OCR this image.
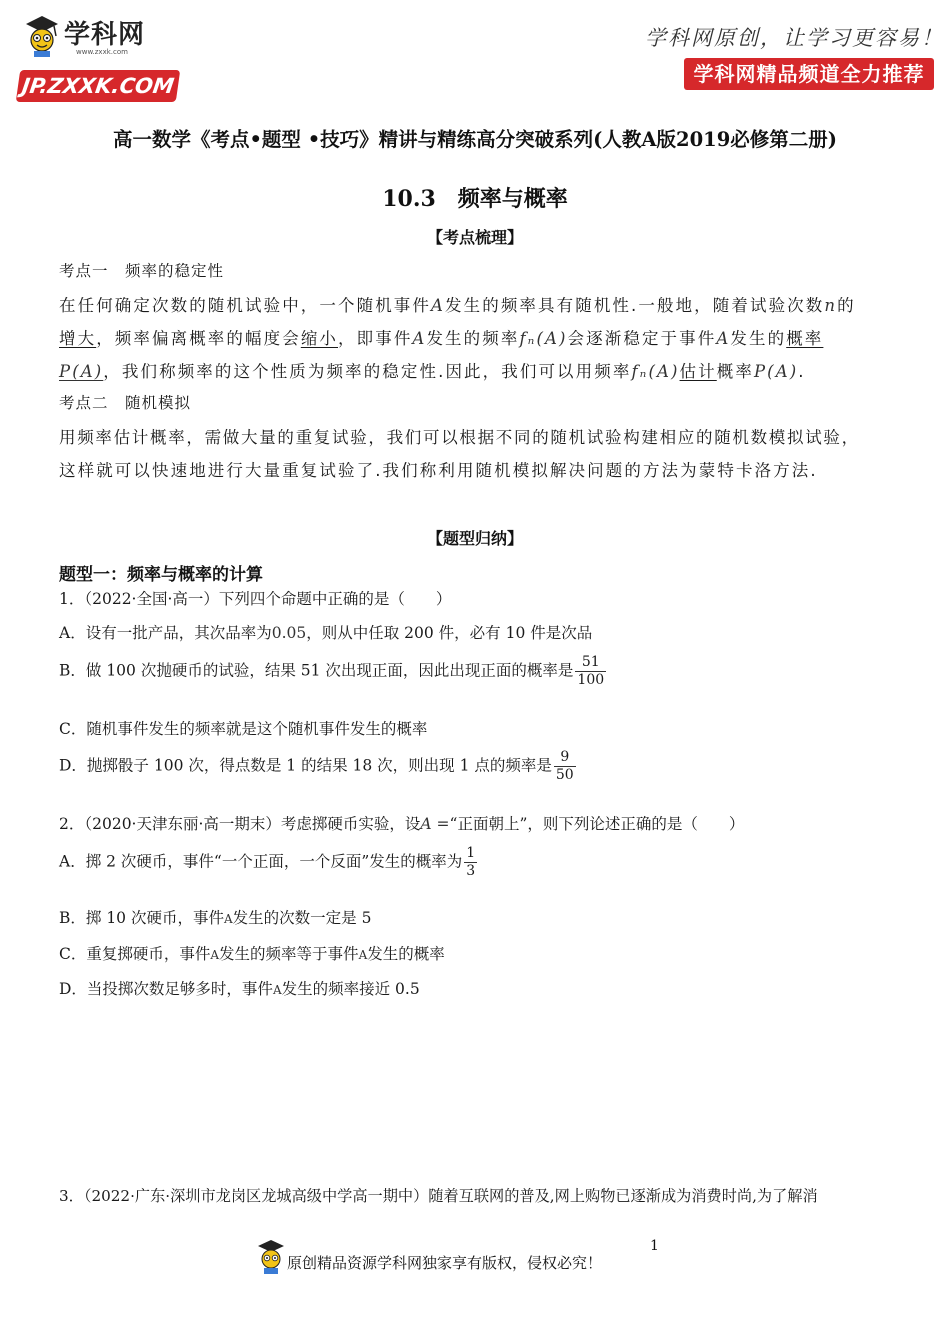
学科网
www.zxxk.com
JP.ZXXK.COM
学科网原创，让学习更容易！
学科网精品频道全力推荐
高一数学《考点•题型 •技巧》精讲与精练高分突破系列(人教A版2019必修第二册)
10.3　频率与概率
【考点梳理】
考点一　频率的稳定性
在任何确定次数的随机试验中，一个随机事件A发生的频率具有随机性.一般地，随着试验次数n的
增大，频率偏离概率的幅度会缩小，即事件A发生的频率fₙ(A)会逐渐稳定于事件A发生的概率
P(A)，我们称频率的这个性质为频率的稳定性.因此，我们可以用频率fₙ(A)估计概率P(A).
考点二　随机模拟
用频率估计概率，需做大量的重复试验，我们可以根据不同的随机试验构建相应的随机数模拟试验，
这样就可以快速地进行大量重复试验了.我们称利用随机模拟解决问题的方法为蒙特卡洛方法.
【题型归纳】
题型一：频率与概率的计算
1．（2022·全国·高一）下列四个命题中正确的是（　　）
A．设有一批产品，其次品率为0.05，则从中任取 200 件，必有 10 件是次品
B．做 100 次抛硬币的试验，结果 51 次出现正面，因此出现正面的概率是 $\frac{51}{100}$
C．随机事件发生的频率就是这个随机事件发生的概率
D．抛掷骰子 100 次，得点数是 1 的结果 18 次，则出现 1 点的频率是 $\frac{9}{50}$
2．（2020·天津东丽·高一期末）考虑掷硬币实验，设A =“正面朝上”，则下列论述正确的是（　　）
A．掷 2 次硬币，事件“一个正面，一个反面”发生的概率为 $\frac{1}{3}$
B．掷 10 次硬币，事件A发生的次数一定是 5
C．重复掷硬币，事件A发生的频率等于事件A发生的概率
D．当投掷次数足够多时，事件A发生的频率接近 0.5
3．（2022·广东·深圳市龙岗区龙城高级中学高一期中）随着互联网的普及,网上购物已逐渐成为消费时尚,为了解消
原创精品资源学科网独家享有版权，侵权必究！
1
